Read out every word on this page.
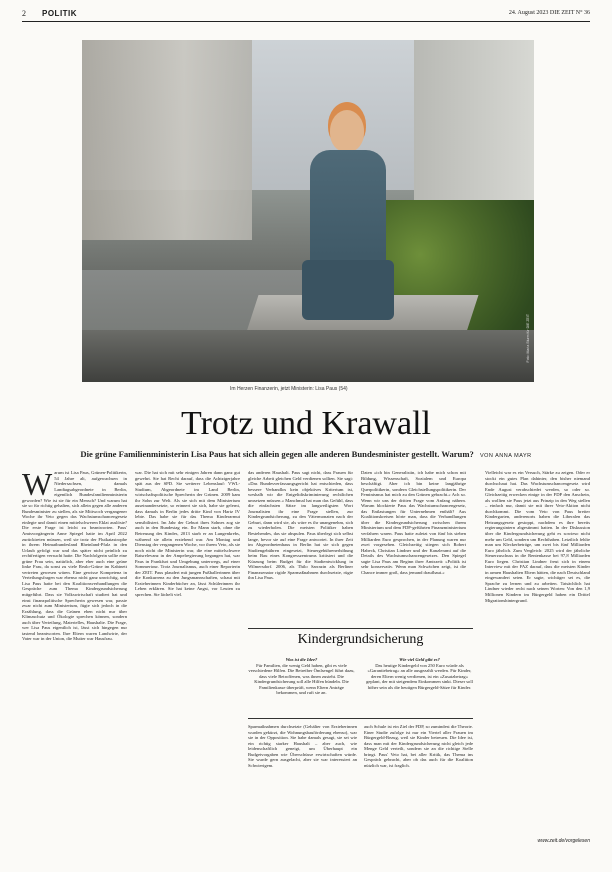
2	POLITIK	24. August 2023 DIE ZEIT N° 36
Foto: Maria Sturm für DIE ZEIT
Im Herzen Finanzerin, jetzt Ministerin: Lisa Paus (54)
Trotz und Krawall
Die grüne Familienministerin Lisa Paus hat sich allein gegen alle anderen Bundesminister gestellt. Warum? VON ANNA MAYR
W arum ist Lisa Paus, Grünen-Politikerin, 54 Jahre alt, aufgewachsen in Niedersachsen, damals Landtagsabgeordnete in Berlin, eigentlich Bundesfamilienministerin geworden? Wie ist sie für ein Mensch? Und warum hat sie so für richtig gehalten, sich allein gegen alle anderen Bundesminister zu stellen, als sie Mittwoch vergangener Woche ihr Veto gegen das Wachstumschancengesetz einlegte und damit einen mittelschweren Eklat auslöste? Die erste Frage ist leicht zu beantworten. Paus' Amtsvorgängerin Anne Spiegel hatte im April 2022 zurücktreten müssen, weil sie trotz der Flutkatastrophe in ihrem Heimatbundesland Rheinland-Pfalz in den Urlaub gefolgt war und das später nicht peinlich zu rechtfertigen versucht hatte. Die Nachfolgerin sollte eine grüne Frau sein, natürlich, aber eher auch eine grüne linke Frau, da sonst zu viele Realo-Grüne im Kabinett vertreten gewesen wären. Eine gewisse Kompetenz in Verteilungsfragen war ebenso nicht ganz unwichtig, und Lisa Paus hatte bei den Koalitionsverhandlungen die Gespräche zum Thema Kindergrundsicherung mitgeführt. Dass sie Volkswirtschaft studiert hat und einst finanzpolitische Sprecherin gewesen war, passte zwar nicht zum Ministerium, fügte sich jedoch in die Erzählung, dass die Grünen eben nicht nur über Klimaschutz und Ökologie sprechen können, sondern auch über Verteilung, Materielles, Haushalte. Die Frage, wer Lisa Paus eigentlich ist, lässt sich hingegen nur tastend beantworten. Ihre Eltern waren Landwirte, der Vater war in der Union, die Mutter war Hausfrau.

war. Die hat sich mit sehr einigen Jahren dann ganz gut gewehrt. Sie hat Recht darauf, dass die Achtzigerjahre spät aus der SPD. Sie weiterer Lebenslauf: VWL-Studium, Abgeordnete im Land Berlin, wirtschaftspolitische Sprecherin der Grünen. 2009 kam ihr Sohn zur Welt. Als sie sich mit dem Ministerium auseinandersetzte, so erinnert sie sich, habe sie gelernt, dass damals in Berlin jedes dritte Kind von Hartz IV lebte. Das habe sie für das Thema Kinderarmut sensibilisiert. Im Jahr der Geburt ihres Sohnes zog sie auch in den Bundestag ein. Ihr Mann starb, ohne die Betreuung des Kindes, 2013 starb er an Lungenkrebs, während sie allein erziehend war. Am Montag und Dienstag der vergangenen Woche, vor ihrem Veto, als sie noch nicht die Ministerin war, die eine mittelschwere Ratsrelevanz in der Ampelregierung begangen hat, war Paus in Frankfurt und Umgebung unterwegs, auf einer Sommertour. Trotz Journalismus, auch einer Reporterin der ZEIT. Paus plaudert mit jungen Fußballerinnen über die Konkurrenz zu den Jungsmannschaften, schaut mit Erzieherinnen Kinderbücher an, lässt Schülerinnen ihr Leben erklären. Sie hat keine Angst, vor Leuten zu sprechen. Sie lächelt viel.

das anderen Haushalt. Paus sagt nicht, dass Frauen für gleiche Arbeit gleichen Geld verdienen sollten. Sie sagt: »Das Bundesverfassungsgericht hat entschieden, dass bessere Verbandlos kein objektives Kriterium ist, weshalb wir die Entgeltdiskriminierung rechtlichen umsetzen müssen.« Manchmal hat man das Gefühl, dass die einfachsten Sätze im langweiligsten Wort Journalisten ihr eine Frage stellen, zur Kindergrundsicherung, zu den Vätermonaten nach der Geburt, dann wird sie, als wäre es ihr unangenehm, sich zu wiederholen. Die meisten Politiker haben Bestehendes, das sie abspulen. Paus überlegt sich selbst lange, bevor sie auf eine Frage antwortet. In ihrer Zeit im Abgeordnetenhaus in Berlin hat sie sich gegen Studiengebühren eingesetzt, Steuergebührenerhöhung beim Bau eines Kongresszentrums kritisiert und die Kürzung beim Budget für die Stadtentwicklung in Wilmersdorf. 2006, als Thilo Sarrazin als Berliner Finanzsenator rigide Sparmaßnahmen durchsetzte, rügte ihn Lisa Paus.

Daten »ich bin Generalistin, ich habe mich schon mit Bildung, Wissenschaft, Sozialem und Europa beschäftigt. Aber ich bin keine langjährige Querpolitikerin, sondern Gleichstellungspolitikerin. Der Feminismus hat mich zu den Grünen gebracht.« Ach so. Wenn wir uns der dritten Frage vom Anfang nähern. Warum blockierte Paus das Wachstumschancengesetz, das Entlastungen für Unternehmen enthält? Aus Koalitionskreisen hörte man, dass die Verhandlungen über die Kindergrundsicherung zwischen ihrem Ministerium und dem FDP-geführten Finanzministerium verfahren waren. Paus hatte zuletzt von fünf bis sieben Milliarden Euro gesprochen, in der Planung waren nur zwei vorgesehen. Gleichzeitig stiegen sich Robert Habeck, Christian Lindner und der Kanzleramt auf die Details des Wachstumschancengesetzes. Den Spiegel sagte Lisa Paus am Beginn ihrer Amtszeit: »Politik ist sehr konservativ. Wenn man Schwächen zeigt, ist die Chance immer groß, dass jemand draufhaut.«

Vielleicht war es ein Versuch, Stärke zu zeigen. Oder er stockt ein gutes Plan dahinter, den bisher niemand durchschaut hat. Das Wachstumschancengesetz wird Ende August verabschiedet werden, so oder so. Gleichzeitig erwecken einige in der FDP den Anschein, als wollten sie Paus jetzt aus Prinzip in den Weg stellen – einfach nur, damit sie mit ihrer Veto-Aktion nicht durchkommt. Die vom Veto von Paus breiter Kindergarten, anderenorts haben die Liberalen das Heizungsgesetz gestoppt, nachdem es ihre bereits regierungsintern abgestimmt hatten. In der Diskussion über die Kindergrundsicherung geht es sowieso nicht mehr um Geld, sondern um Rechthaben. Letztlich fehlte man um Kleckerbeträge, um zwei bis fünf Milliarden Euro jährlich. Zum Vergleich: 2025 wird der jährliche Steuerzuschuss in die Rentenkasse bei 97,8 Milliarden Euro liegen. Christian Lindner freut sich in einem Interview mit der FAZ darauf, dass die meisten Kinder in armen Haushalten Eltern hätten, die nach Deutschland eingewandert seien. Er sagte, wichtiger sei es, die Sprache zu lernen und zu arbeiten. Tatsächlich hat Lindner wieder recht nach seinen Worten: Von den 1,9 Millionen Kindern im Bürgergeld haben ein Drittel Migrationshintergrund.

Kindergrundsicherung
Was ist die Idee?
Für Familien, die wenig Geld haben, gibt es viele verschiedene Hilfen. Die Betreiber Ömlsengel führt dazu, dass viele Betroffenen, was ihnen zusteht. Die Kindergrundsicherung soll alle Hilfen bündeln. Die Familienkasse überprüft, wenn Eltern Anträge bekommen, und ruft sie an.
Wie viel Geld gibt es?
Das heutige Kindergeld von 250 Euro würde als »Garantiebetrag« an alle ausgezahlt werden. Für Kinder, deren Eltern wenig verdienen, ist ein »Zusatzbetrag« geplant, der mit steigendem Einkommen sinkt. Dieser soll höher sein als die heutigen Bürgergeld-Sätze für Kinder.

Sparmaßnahmen durchsetzte (Gehälter von Erzieherinnen wurden gekürzt, die Wohnungsbauförderung ebenso), war sie in der Opposition. Sie habe damals gesagt, sie sei wie ein richtig starker Haushalt – aber auch, wie leidenschaftlich geneigt, um Überhaupt ein Budgetvorgaben wie Überschüsse erwirtschaften würde. Sie wurde gern ausgelacht, aber sie war interessiert an Schwierigem.

auch Schule ist ein Ziel der FDP, so zumindest die Theorie. Einer Studie zufolge ist nur ein Viertel aller Frauen im Bürgergeld-Bezug, weil sie Kinder betreuen. Die Idee ist, dass man mit der Kindergrundsicherung nicht gleich jede Menge Geld verteilt, sondern sie an die richtige Stelle bringt. Paus' Veto hat, bei aller Kritik, das Thema ins Gespräch gebracht, aber ob das auch für die Koalition nützlich war, ist fraglich.

www.zeit.de/vorgelesen
